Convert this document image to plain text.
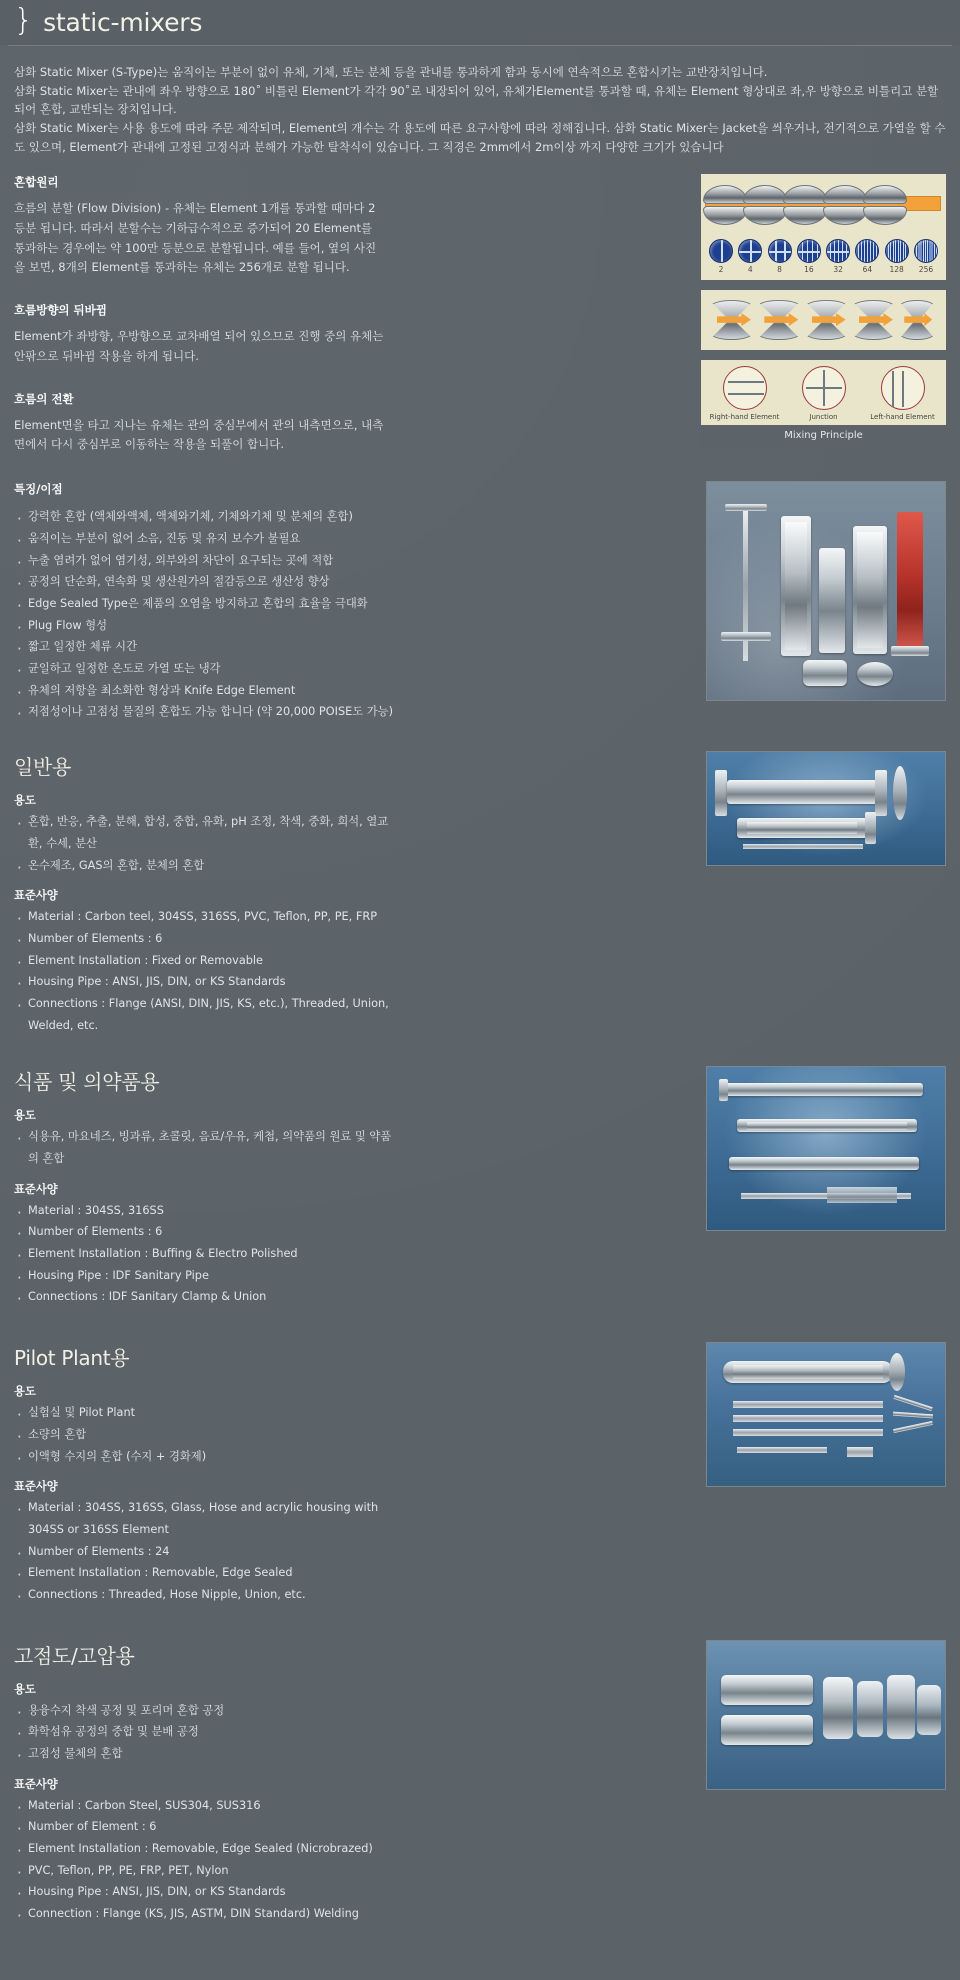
} static-mixers

삼화 Static Mixer (S-Type)는 움직이는 부분이 없이 유체, 기체, 또는 분체 등을 관내를 통과하게 함과 동시에 연속적으로 혼합시키는 교반장치입니다.

삼화 Static Mixer는 관내에 좌우 방향으로 180˚ 비틀린 Element가 각각 90˚로 내장되어 있어, 유체가Element를 통과할 때, 유체는 Element 형상대로 좌,우 방향으로 비틀리고 분할되어 혼합, 교반되는 장치입니다.

삼화 Static Mixer는 사용 용도에 따라 주문 제작되며, Element의 개수는 각 용도에 따른 요구사항에 따라 정해집니다. 삼화 Static Mixer는 Jacket을 씌우거나, 전기적으로 가열을 할 수도 있으며, Element가 관내에 고정된 고정식과 분해가 가능한 탈착식이 있습니다. 그 직경은 2mm에서 2m이상 까지 다양한 크기가 있습니다

혼합원리

흐름의 분할 (Flow Division) - 유체는 Element 1개를 통과할 때마다 2등분 됩니다. 따라서 분할수는 기하급수적으로 증가되어 20 Element를 통과하는 경우에는 약 100만 등분으로 분할됩니다. 예를 들어, 옆의 사진을 보면, 8개의 Element를 통과하는 유체는 256개로 분할 됩니다.

흐름방향의 뒤바뀜

Element가 좌방향, 우방향으로 교차배열 되어 있으므로 진행 중의 유체는 안팎으로 뒤바뀜 작용을 하게 됩니다.

흐름의 전환

Element면을 타고 지나는 유체는 관의 중심부에서 관의 내측면으로, 내측면에서 다시 중심부로 이동하는 작용을 되풀이 합니다.

2	4	8	16	32	64	128	256
Right-hand Element	Junction	Left-hand Element
Mixing Principle
특징/이점
· 강력한 혼합 (액체와액체, 액체와기체, 기체와기체 및 분체의 혼합)
· 움직이는 부분이 없어 소음, 진동 및 유지 보수가 불필요
· 누출 염려가 없어 염기성, 외부와의 차단이 요구되는 곳에 적합
· 공정의 단순화, 연속화 및 생산원가의 절감등으로 생산성 향상
· Edge Sealed Type은 제품의 오염을 방지하고 혼합의 효율을 극대화
· Plug Flow 형성
· 짧고 일정한 체류 시간
· 균일하고 일정한 온도로 가열 또는 냉각
· 유체의 저항을 최소화한 형상과 Knife Edge Element
· 저점성이나 고점성 물질의 혼합도 가능 합니다 (약 20,000 POISE도 가능)
일반용
용도
· 혼합, 반응, 추출, 분해, 합성, 중합, 유화, pH 조정, 착색, 중화, 희석, 열교환, 수세, 분산
· 온수제조, GAS의 혼합, 분체의 혼합
표준사양
· Material : Carbon teel, 304SS, 316SS, PVC, Teflon, PP, PE, FRP
· Number of Elements : 6
· Element Installation : Fixed or Removable
· Housing Pipe : ANSI, JIS, DIN, or KS Standards
· Connections : Flange (ANSI, DIN, JIS, KS, etc.), Threaded, Union, Welded, etc.
식품 및 의약품용
용도
· 식용유, 마요네즈, 빙과류, 초콜릿, 음료/우유, 케첩, 의약품의 원료 및 약품의 혼합
표준사양
· Material : 304SS, 316SS
· Number of Elements : 6
· Element Installation : Buffing & Electro Polished
· Housing Pipe : IDF Sanitary Pipe
· Connections : IDF Sanitary Clamp & Union
Pilot Plant용
용도
· 실험실 및 Pilot Plant
· 소량의 혼합
· 이액형 수지의 혼합 (수지 + 경화제)
표준사양
· Material : 304SS, 316SS, Glass, Hose and acrylic housing with 304SS or 316SS Element
· Number of Elements : 24
· Element Installation : Removable, Edge Sealed
· Connections : Threaded, Hose Nipple, Union, etc.
고점도/고압용
용도
· 용융수지 착색 공정 및 포리머 혼합 공정
· 화학섬유 공정의 중합 및 분배 공정
· 고점성 물체의 혼합
표준사양
· Material : Carbon Steel, SUS304, SUS316
· Number of Element : 6
· Element Installation : Removable, Edge Sealed (Nicrobrazed)
· PVC, Teflon, PP, PE, FRP, PET, Nylon
· Housing Pipe : ANSI, JIS, DIN, or KS Standards
· Connection : Flange (KS, JIS, ASTM, DIN Standard) Welding
